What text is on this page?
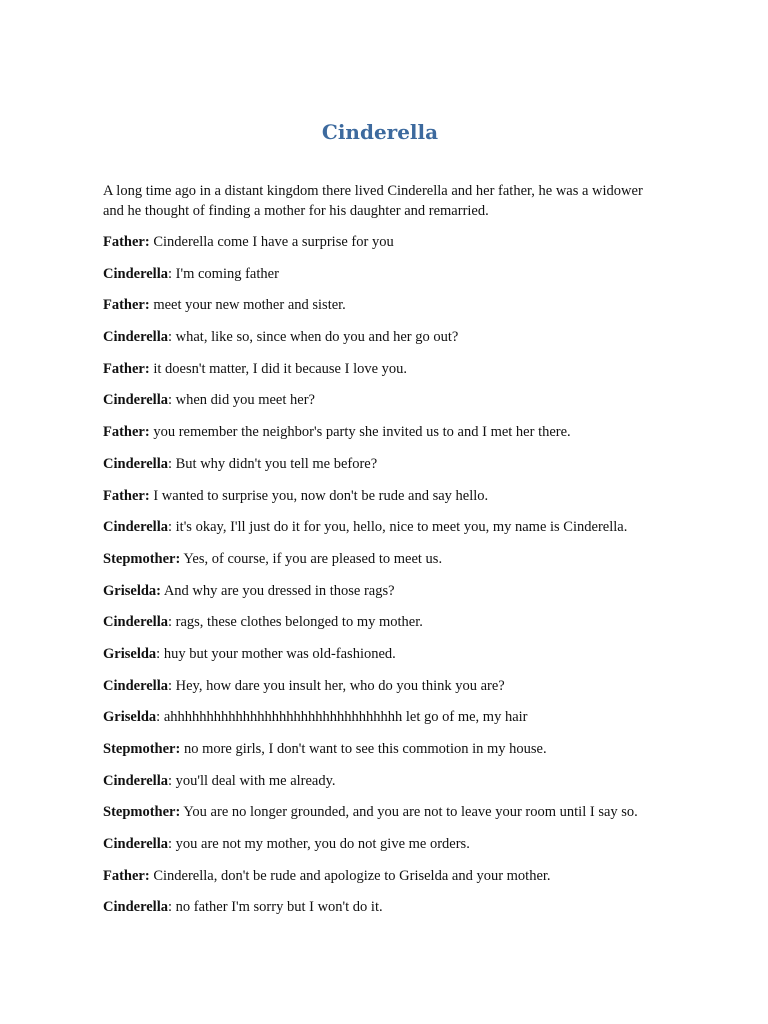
Cinderella

A long time ago in a distant kingdom there lived Cinderella and her father, he was a widower and he thought of finding a mother for his daughter and remarried.

Father: Cinderella come I have a surprise for you

Cinderella: I'm coming father

Father: meet your new mother and sister.

Cinderella: what, like so, since when do you and her go out?

Father: it doesn't matter, I did it because I love you.

Cinderella: when did you meet her?

Father: you remember the neighbor's party she invited us to and I met her there.

Cinderella: But why didn't you tell me before?

Father: I wanted to surprise you, now don't be rude and say hello.

Cinderella: it's okay, I'll just do it for you, hello, nice to meet you, my name is Cinderella.

Stepmother: Yes, of course, if you are pleased to meet us.

Griselda: And why are you dressed in those rags?

Cinderella: rags, these clothes belonged to my mother.

Griselda: huy but your mother was old-fashioned.

Cinderella: Hey, how dare you insult her, who do you think you are?

Griselda: ahhhhhhhhhhhhhhhhhhhhhhhhhhhhhhhh let go of me, my hair

Stepmother: no more girls, I don't want to see this commotion in my house.

Cinderella: you'll deal with me already.

Stepmother: You are no longer grounded, and you are not to leave your room until I say so.

Cinderella: you are not my mother, you do not give me orders.

Father: Cinderella, don't be rude and apologize to Griselda and your mother.

Cinderella: no father I'm sorry but I won't do it.
